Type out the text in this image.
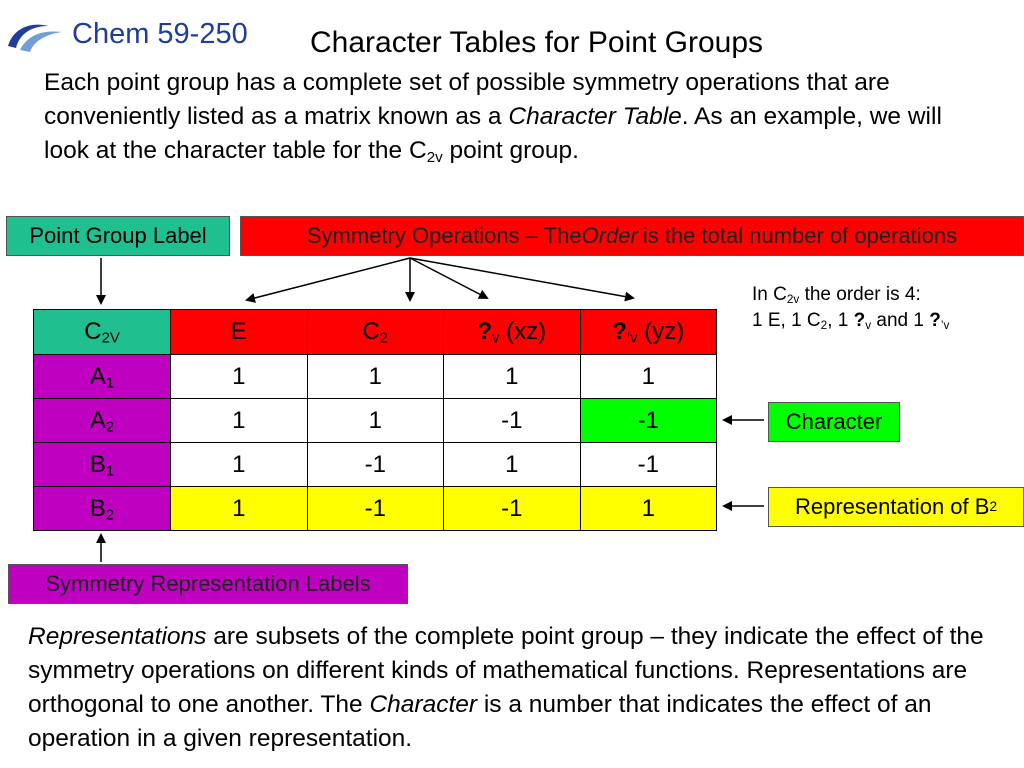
Chem 59-250 Character Tables for Point Groups
Each point group has a complete set of possible symmetry operations that are conveniently listed as a matrix known as a Character Table. As an example, we will look at the character table for the $C_{2v}$ point group.
Point Group Label	Symmetry Operations – The Order is the total number of operations
In $C_{2v}$ the order is 4:
1 E, 1 $C_2$, 1 $?_v$ and 1 $?_{’v}$
$C_{2V}$	E	$C_2$	$?_v$ (xz)	$?_{’v}$ (yz)
$A_1$	1	1	1	1
$A_2$	1	1	-1	-1
$B_1$	1	-1	1	-1
$B_2$	1	-1	-1	1
Character
Representation of B 2
Symmetry Representation Labels
Representations are subsets of the complete point group – they indicate the effect of the symmetry operations on different kinds of mathematical functions. Representations are orthogonal to one another. The Character is a number that indicates the effect of an operation in a given representation.
